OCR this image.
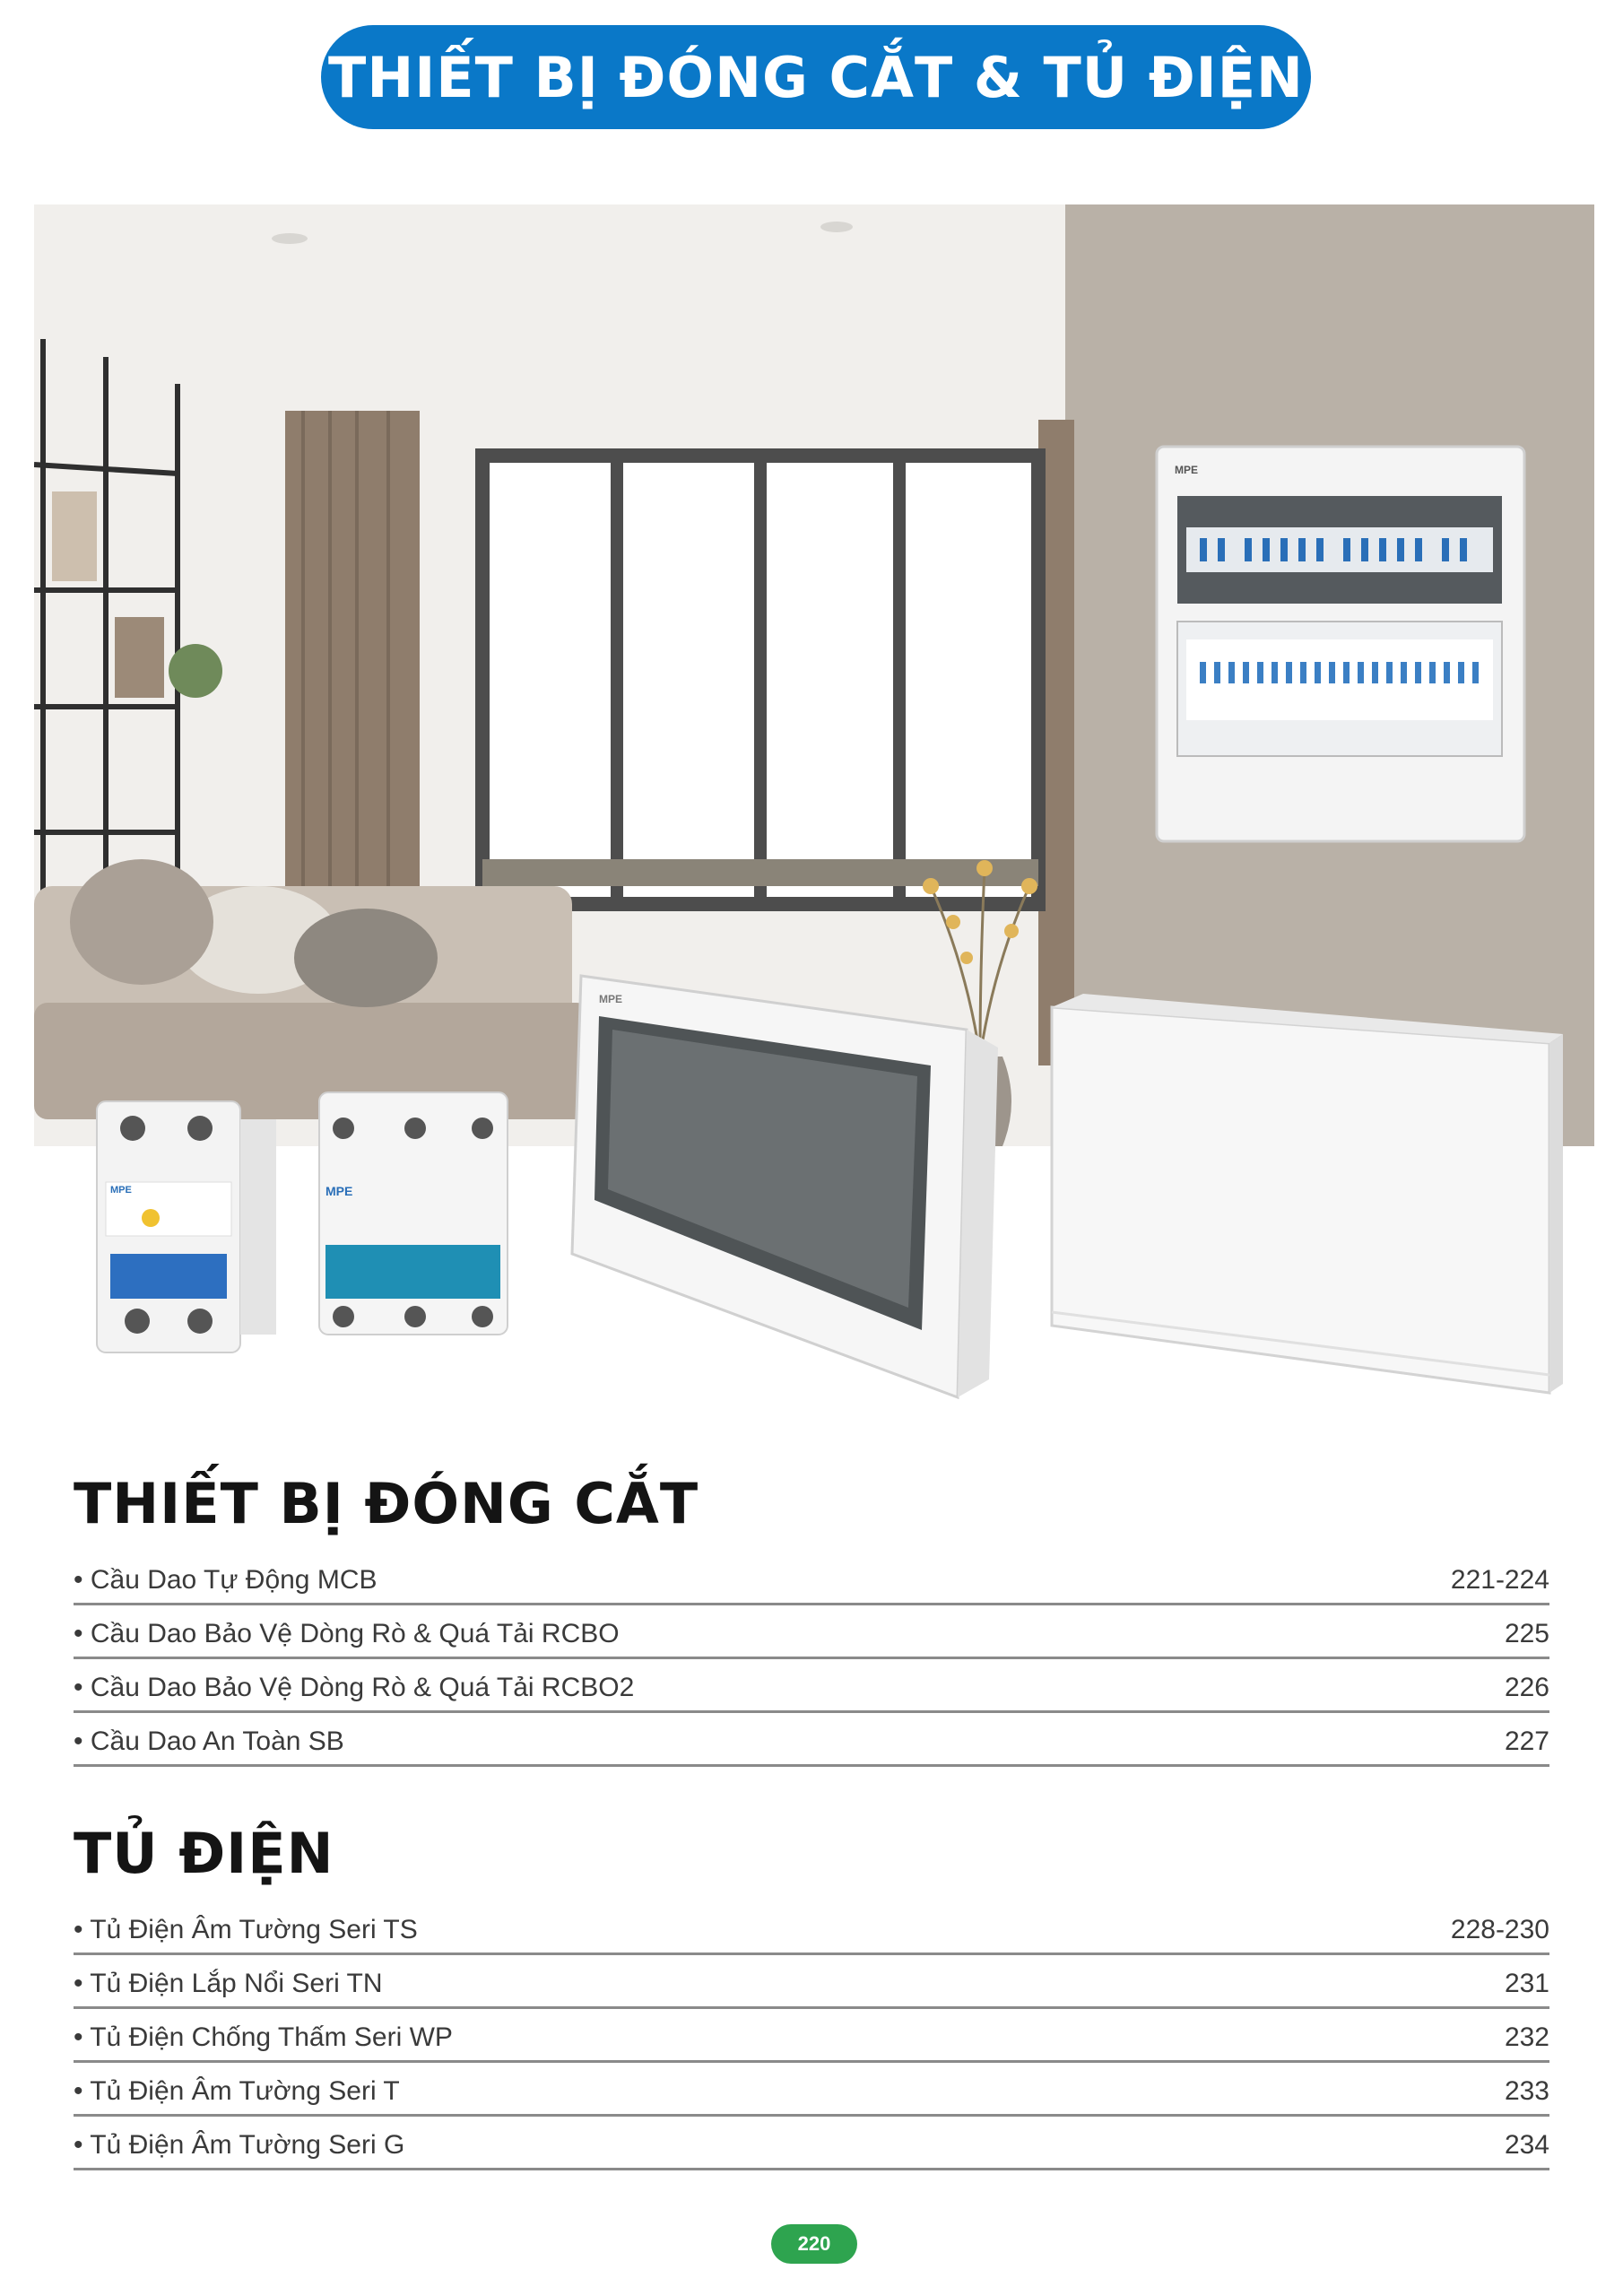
THIẾT BỊ ĐÓNG CẮT & TỦ ĐIỆN
MPE
MPE
MPE	MPE
THIẾT BỊ ĐÓNG CẮT
• Cầu Dao Tự Động MCB	221-224
• Cầu Dao Bảo Vệ Dòng Rò & Quá Tải RCBO	225
• Cầu Dao Bảo Vệ Dòng Rò & Quá Tải RCBO2	226
• Cầu Dao An Toàn SB	227
TỦ ĐIỆN
• Tủ Điện Âm Tường Seri TS	228-230
• Tủ Điện Lắp Nổi Seri TN	231
• Tủ Điện Chống Thấm Seri WP	232
• Tủ Điện Âm Tường Seri T	233
• Tủ Điện Âm Tường Seri G	234
220
